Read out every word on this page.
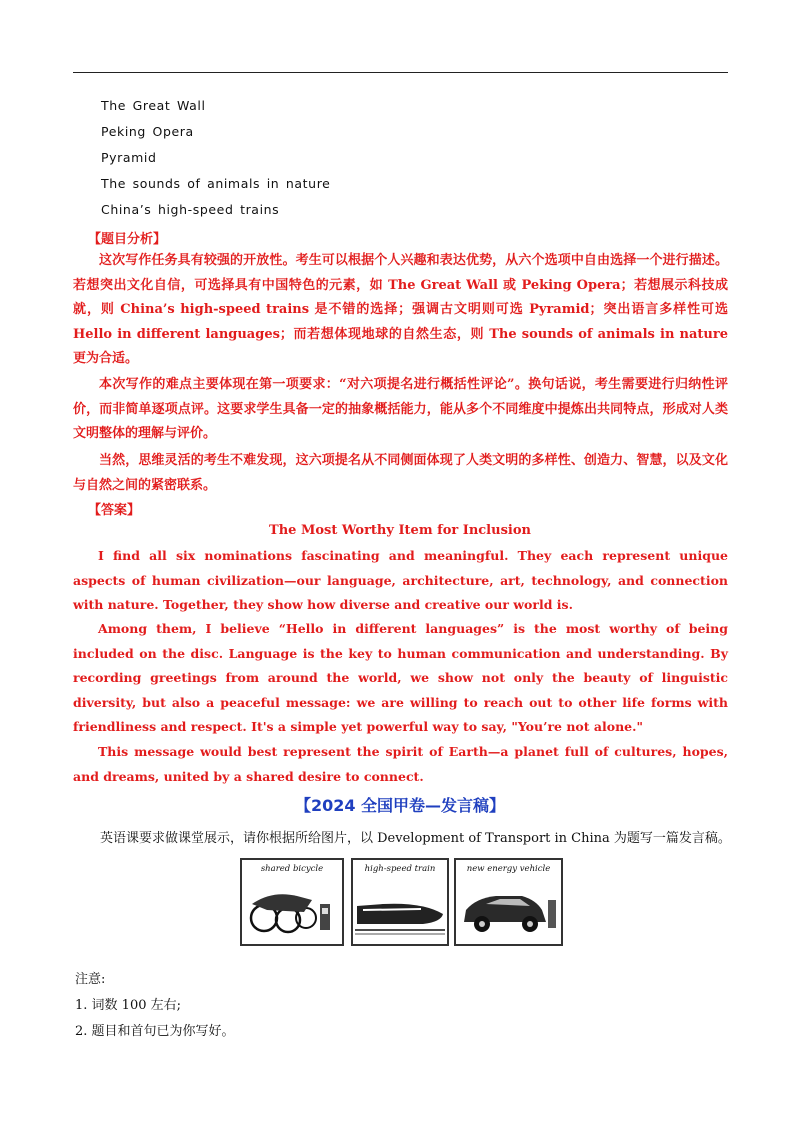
The Great Wall
Peking Opera
Pyramid
The sounds of animals in nature
China’s high-speed trains
【题目分析】

这次写作任务具有较强的开放性。考生可以根据个人兴趣和表达优势，从六个选项中自由选择一个进行描述。若想突出文化自信，可选择具有中国特色的元素，如 The Great Wall 或 Peking Opera；若想展示科技成就，则 China’s high-speed trains 是不错的选择；强调古文明则可选 Pyramid；突出语言多样性可选 Hello in different languages；而若想体现地球的自然生态，则 The sounds of animals in nature 更为合适。

本次写作的难点主要体现在第一项要求：“对六项提名进行概括性评论”。换句话说，考生需要进行归纳性评价，而非简单逐项点评。这要求学生具备一定的抽象概括能力，能从多个不同维度中提炼出共同特点，形成对人类文明整体的理解与评价。

当然，思维灵活的考生不难发现，这六项提名从不同侧面体现了人类文明的多样性、创造力、智慧，以及文化与自然之间的紧密联系。

【答案】
The Most Worthy Item for Inclusion

I find all six nominations fascinating and meaningful. They each represent unique aspects of human civilization—our language, architecture, art, technology, and connection with nature. Together, they show how diverse and creative our world is.

Among them, I believe “Hello in different languages” is the most worthy of being included on the disc. Language is the key to human communication and understanding. By recording greetings from around the world, we show not only the beauty of linguistic diversity, but also a peaceful message: we are willing to reach out to other life forms with friendliness and respect. It's a simple yet powerful way to say, "You’re not alone."

This message would best represent the spirit of Earth—a planet full of cultures, hopes, and dreams, united by a shared desire to connect.

【2024 全国甲卷—发言稿】
英语课要求做课堂展示，请你根据所给图片，以 Development of Transport in China 为题写一篇发言稿。
shared bicycle	high-speed train	new energy vehicle
注意:
1. 词数 100 左右;
2. 题目和首句已为你写好。
